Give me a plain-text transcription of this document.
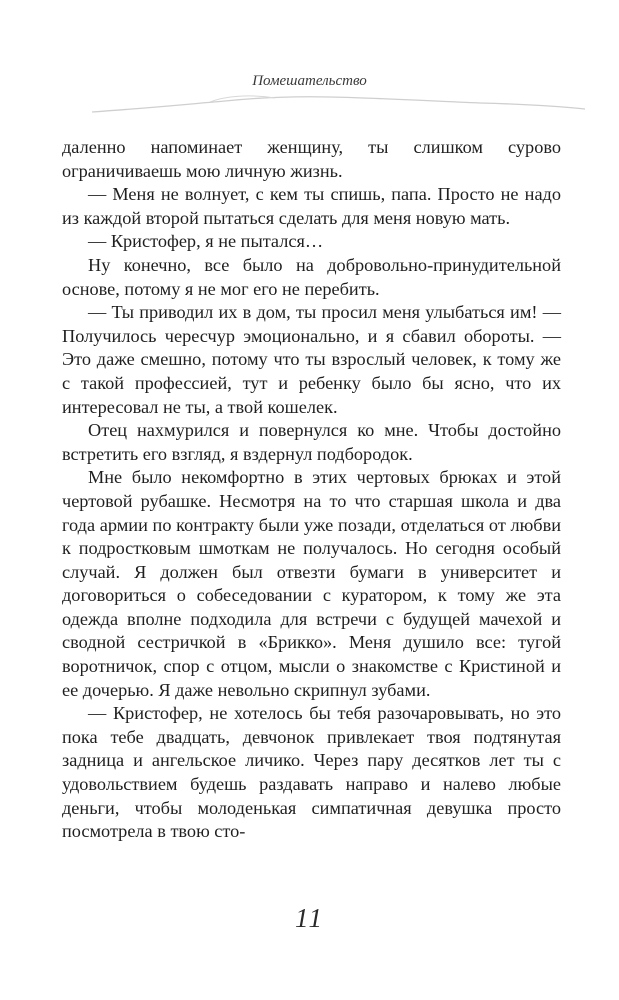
Помешательство

даленно напоминает женщину, ты слишком сурово ограничиваешь мою личную жизнь.

— Меня не волнует, с кем ты спишь, папа. Просто не надо из каждой второй пытаться сделать для меня новую мать.

— Кристофер, я не пытался…

Ну конечно, все было на добровольно-принудительной основе, потому я не мог его не перебить.

— Ты приводил их в дом, ты просил меня улыбаться им! — Получилось чересчур эмоционально, и я сбавил обороты. — Это даже смешно, потому что ты взрослый человек, к тому же с такой профессией, тут и ребенку было бы ясно, что их интересовал не ты, а твой кошелек.

Отец нахмурился и повернулся ко мне. Чтобы достойно встретить его взгляд, я вздернул подбородок.

Мне было некомфортно в этих чертовых брюках и этой чертовой рубашке. Несмотря на то что старшая школа и два года армии по контракту были уже позади, отделаться от любви к подростковым шмоткам не получалось. Но сегодня особый случай. Я должен был отвезти бумаги в университет и договориться о собеседовании с куратором, к тому же эта одежда вполне подходила для встречи с будущей мачехой и сводной сестричкой в «Брикко». Меня душило все: тугой воротничок, спор с отцом, мысли о знакомстве с Кристиной и ее дочерью. Я даже невольно скрипнул зубами.

— Кристофер, не хотелось бы тебя разочаровывать, но это пока тебе двадцать, девчонок привлекает твоя подтянутая задница и ангельское личико. Через пару десятков лет ты с удовольствием будешь раздавать направо и налево любые деньги, чтобы молоденькая симпатичная девушка просто посмотрела в твою сто-

11
